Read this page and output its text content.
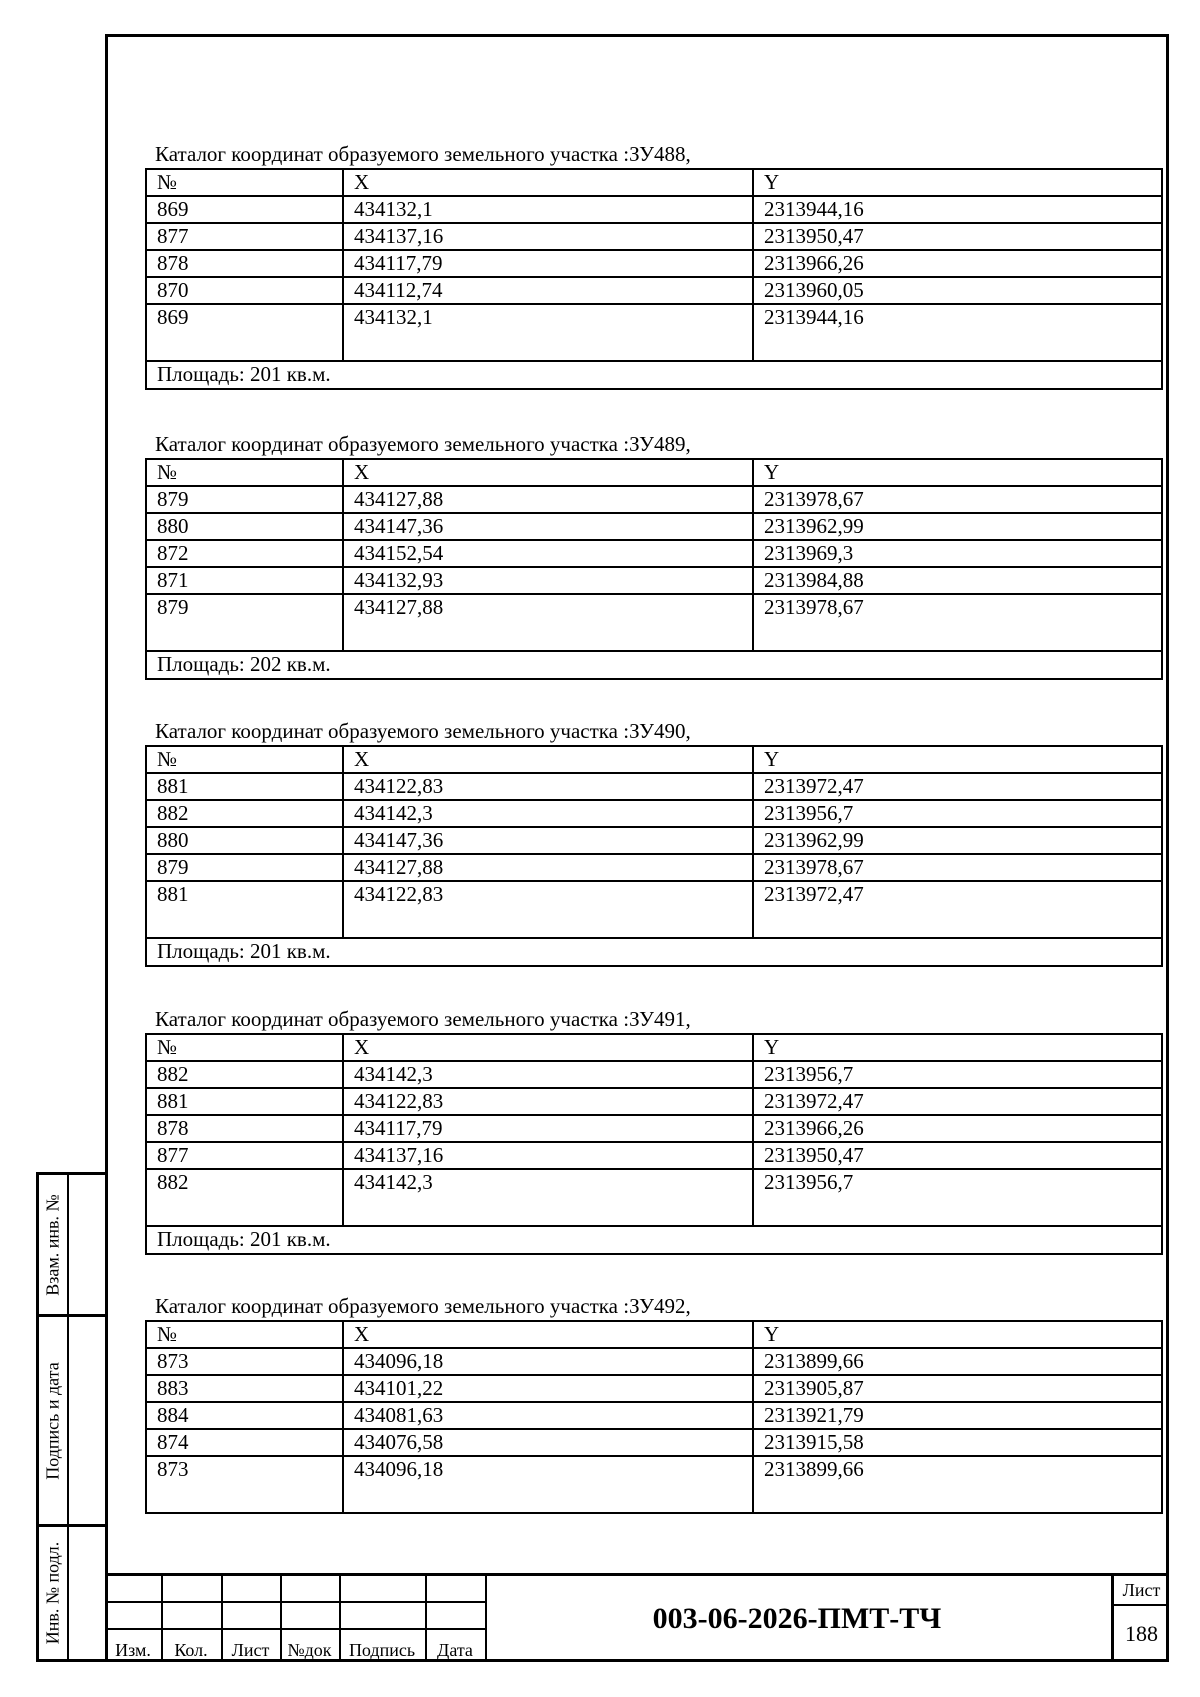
Каталог координат образуемого земельного участка :ЗУ488,
№	X	Y
869	434132,1	2313944,16
877	434137,16	2313950,47
878	434117,79	2313966,26
870	434112,74	2313960,05
869	434132,1	2313944,16
Площадь: 201 кв.м.		
Каталог координат образуемого земельного участка :ЗУ489,
№	X	Y
879	434127,88	2313978,67
880	434147,36	2313962,99
872	434152,54	2313969,3
871	434132,93	2313984,88
879	434127,88	2313978,67
Площадь: 202 кв.м.		
Каталог координат образуемого земельного участка :ЗУ490,
№	X	Y
881	434122,83	2313972,47
882	434142,3	2313956,7
880	434147,36	2313962,99
879	434127,88	2313978,67
881	434122,83	2313972,47
Площадь: 201 кв.м.		
Каталог координат образуемого земельного участка :ЗУ491,
№	X	Y
882	434142,3	2313956,7
881	434122,83	2313972,47
878	434117,79	2313966,26
877	434137,16	2313950,47
882	434142,3	2313956,7
Площадь: 201 кв.м.		
Каталог координат образуемого земельного участка :ЗУ492,
№	X	Y
873	434096,18	2313899,66
883	434101,22	2313905,87
884	434081,63	2313921,79
874	434076,58	2313915,58
873	434096,18	2313899,66
Взам. инв. №
Подпись и дата
Инв. № подл.
Изм.	Кол.	Лист	№док Подпись	Дата
003-06-2026-ПМТ-ТЧ
Лист
188
